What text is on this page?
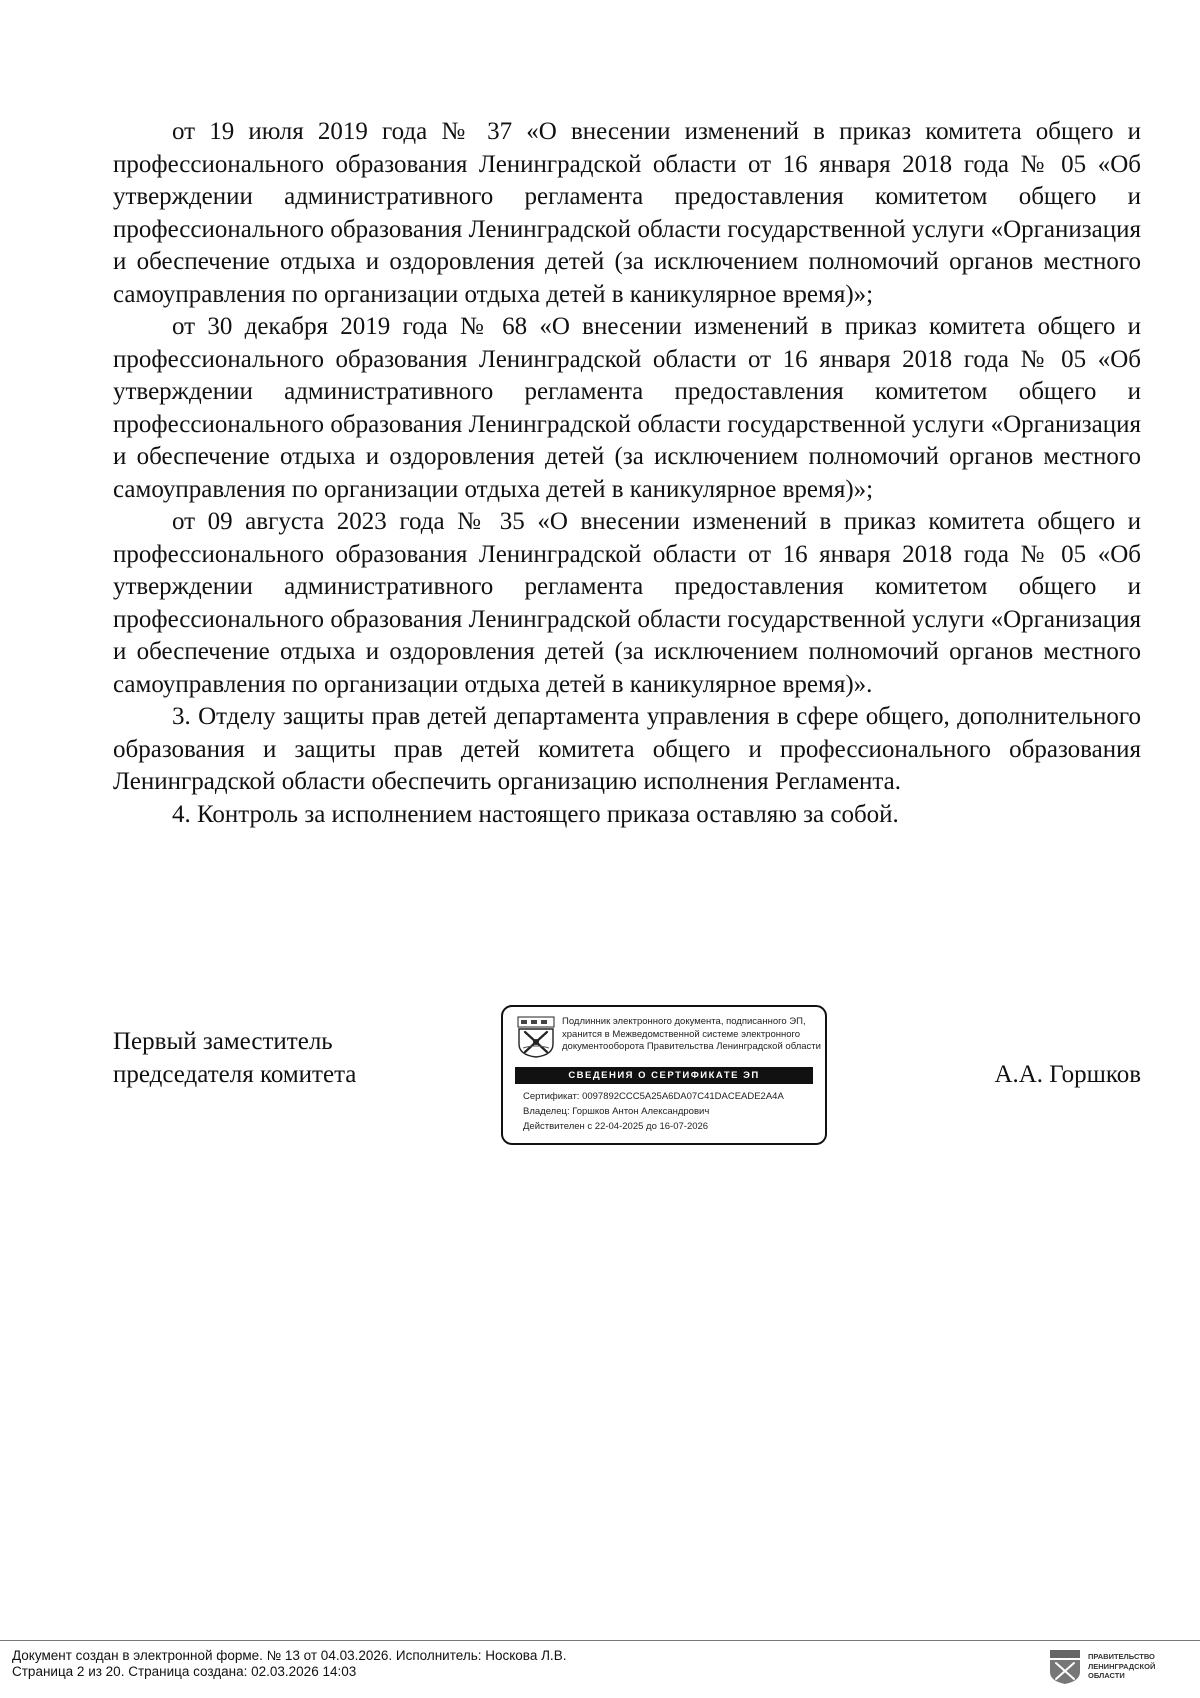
от 19 июля 2019 года № 37 «О внесении изменений в приказ комитета общего и профессионального образования Ленинградской области от 16 января 2018 года № 05 «Об утверждении административного регламента предоставления комитетом общего и профессионального образования Ленинградской области государственной услуги «Организация и обеспечение отдыха и оздоровления детей (за исключением полномочий органов местного самоуправления по организации отдыха детей в каникулярное время)»;

от 30 декабря 2019 года № 68 «О внесении изменений в приказ комитета общего и профессионального образования Ленинградской области от 16 января 2018 года № 05 «Об утверждении административного регламента предоставления комитетом общего и профессионального образования Ленинградской области государственной услуги «Организация и обеспечение отдыха и оздоровления детей (за исключением полномочий органов местного самоуправления по организации отдыха детей в каникулярное время)»;

от 09 августа 2023 года № 35 «О внесении изменений в приказ комитета общего и профессионального образования Ленинградской области от 16 января 2018 года № 05 «Об утверждении административного регламента предоставления комитетом общего и профессионального образования Ленинградской области государственной услуги «Организация и обеспечение отдыха и оздоровления детей (за исключением полномочий органов местного самоуправления по организации отдыха детей в каникулярное время)».

3. Отделу защиты прав детей департамента управления в сфере общего, дополнительного образования и защиты прав детей комитета общего и профессионального образования Ленинградской области обеспечить организацию исполнения Регламента.

4. Контроль за исполнением настоящего приказа оставляю за собой.

Первый заместитель
председателя комитета
Подлинник электронного документа, подписанного ЭП,
хранится в Межведомственной системе электронного
документооборота Правительства Ленинградской области
СВЕДЕНИЯ О СЕРТИФИКАТЕ ЭП
Сертификат: 0097892CCC5A25A6DA07C41DACEADE2A4A
Владелец: Горшков Антон Александрович
Действителен с 22-04-2025 до 16-07-2026
А.А. Горшков
Документ создан в электронной форме. № 13 от 04.03.2026. Исполнитель: Носкова Л.В.
Страница 2 из 20. Страница создана: 02.03.2026 14:03
ПРАВИТЕЛЬСТВО
ЛЕНИНГРАДСКОЙ
ОБЛАСТИ
